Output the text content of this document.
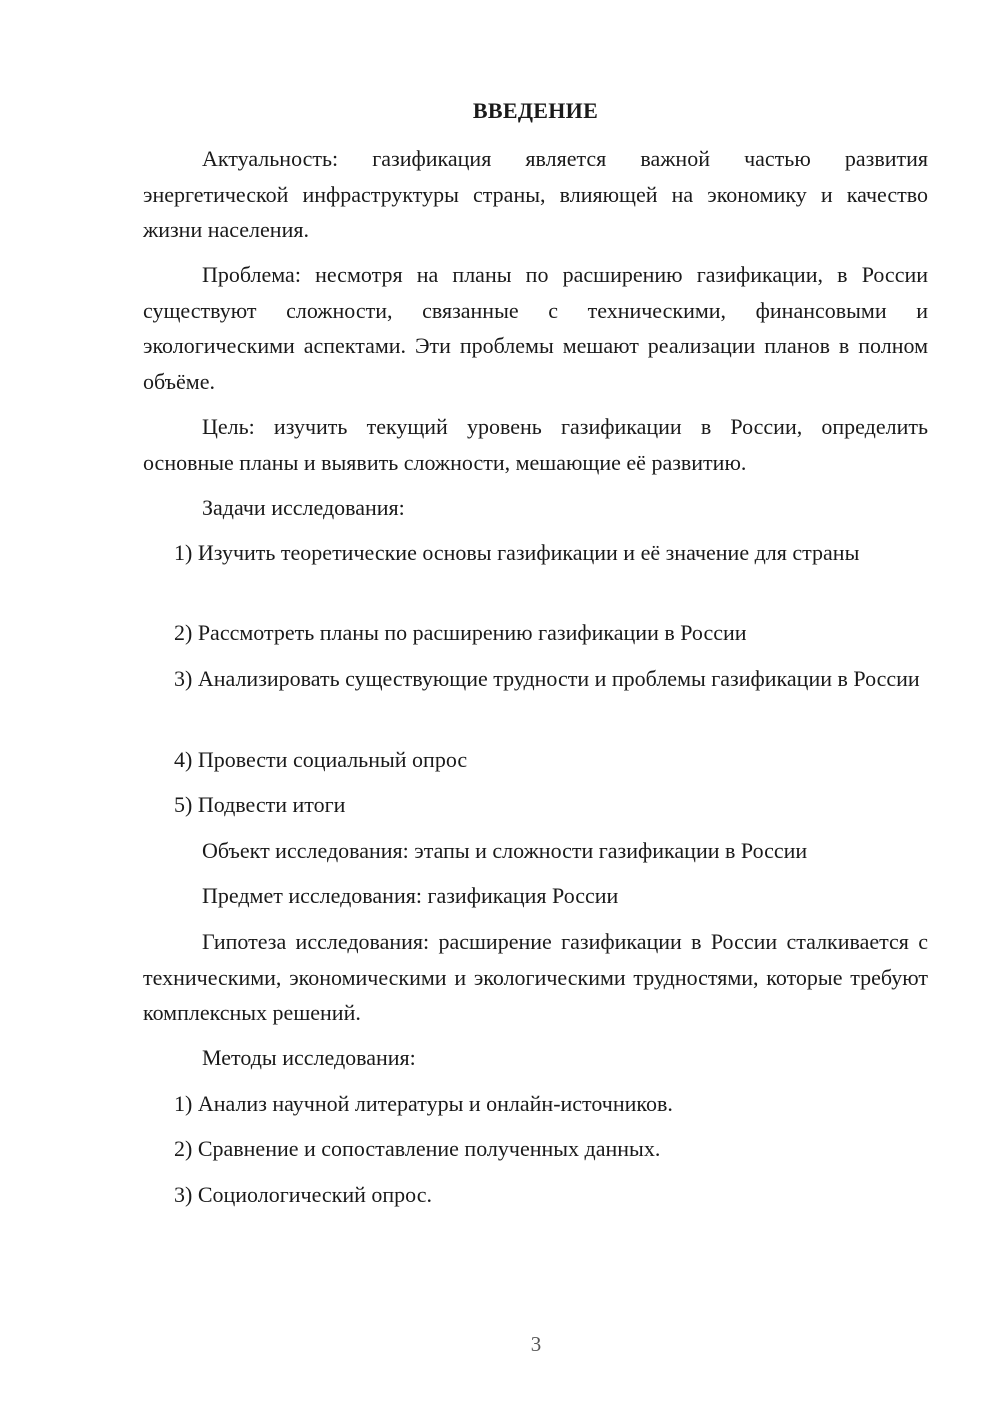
ВВЕДЕНИЕ

Актуальность: газификация является важной частью развития энергетической инфраструктуры страны, влияющей на экономику и качество жизни населения.

Проблема: несмотря на планы по расширению газификации, в России существуют сложности, связанные с техническими, финансовыми и экологическими аспектами. Эти проблемы мешают реализации планов в полном объёме.

Цель: изучить текущий уровень газификации в России, определить основные планы и выявить сложности, мешающие её развитию.

Задачи исследования:

1) Изучить теоретические основы газификации и её значение для страны

2) Рассмотреть планы по расширению газификации в России

3) Анализировать существующие трудности и проблемы газификации в России

4) Провести социальный опрос

5) Подвести итоги

Объект исследования: этапы и сложности газификации в России

Предмет исследования: газификация России

Гипотеза исследования: расширение газификации в России сталкивается с техническими, экономическими и экологическими трудностями, которые требуют комплексных решений.

Методы исследования:

1) Анализ научной литературы и онлайн-источников.

2) Сравнение и сопоставление полученных данных.

3) Социологический опрос.

3
